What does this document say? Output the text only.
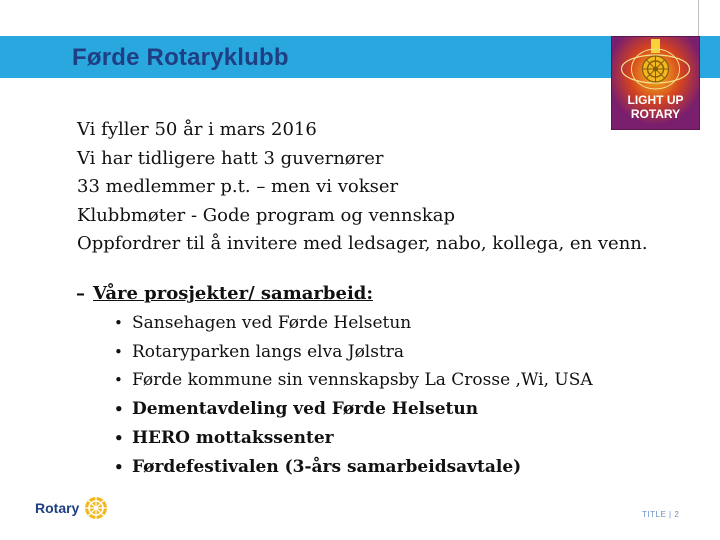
Førde Rotaryklubb
LIGHT UP
ROTARY
Vi fyller 50 år i mars 2016
Vi har tidligere hatt 3 guvernører
33 medlemmer p.t. – men vi vokser
Klubbmøter - Gode program og vennskap
Oppfordrer til å invitere med ledsager, nabo, kollega, en venn.
– Våre prosjekter/ samarbeid:
• Sansehagen ved Førde Helsetun
• Rotaryparken langs elva Jølstra
• Førde kommune sin vennskapsby La Crosse ,Wi, USA
• Dementavdeling ved Førde Helsetun
• HERO mottakssenter
• Førdefestivalen (3-års samarbeidsavtale)
Rotary	TITLE | 2
